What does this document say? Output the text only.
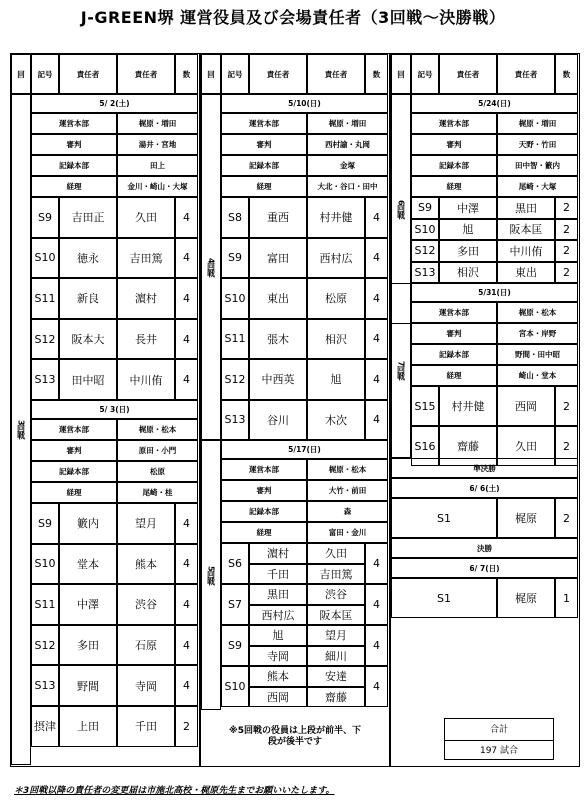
J-GREEN堺 運営役員及び会場責任者（3回戦～決勝戦）
回	記号	責任者	責任者	数
3回戦
5/ 2(土)
運営本部	梶原・増田
審判	湯井・宮地
記録本部	田上
経理	金川・崎山・大塚
S9	吉田正	久田	4
S10	徳永	吉田篤	4
S11	新良	濵村	4
S12	阪本大	長井	4
S13	田中昭	中川侑	4
5/ 3(日)
運営本部	梶原・松本
審判	原田・小門
記録本部	松原
経理	尾崎・桂
S9	籔内	望月	4
S10	堂本	熊本	4
S11	中澤	渋谷	4
S12	多田	石原	4
S13	野間	寺岡	4
摂津	上田	千田	2
回	記号	責任者	責任者	数
4回戦
5/10(日)
運営本部	梶原・増田
審判	西村諭・丸岡
記録本部	金塚
経理	大北・谷口・田中
S8	重西	村井健	4
S9	富田	西村広	4
S10	東出	松原	4
S11	張木	相沢	4
S12	中西英	旭	4
S13	谷川	木次	4
5回戦
5/17(日)
運営本部	梶原・松本
審判	大竹・前田
記録本部	森
経理	富田・金川
S6
濵村	久田
千田	吉田篤
4
S7
黒田	渋谷
西村広	阪本匡
4
S9
旭	望月
寺岡	細川
4
S10
熊本	安達
西岡	齋藤
4
回	記号	責任者	責任者	数
6回戦
5/24(日)
運営本部	梶原・増田
審判	天野・竹田
記録本部	田中智・籔内
経理	尾崎・大塚
S9	中澤	黒田	2
S10	旭	阪本匡	2
S12	多田	中川侑	2
S13	相沢	東出	2
7回戦
5/31(日)
運営本部	梶原・松本
審判	宮本・岸野
記録本部	野間・田中昭
経理	崎山・堂本
S15	村井健	西岡	2
S16	齋藤	久田	2
準決勝
6/ 6(土)
S1	梶原	2
決勝
6/ 7(日)
S1	梶原	1
※5回戦の役員は上段が前半、下段が後半です
合計
197 試合
＊3回戦以降の責任者の変更届は市施北高校・梶原先生までお願いいたします。
